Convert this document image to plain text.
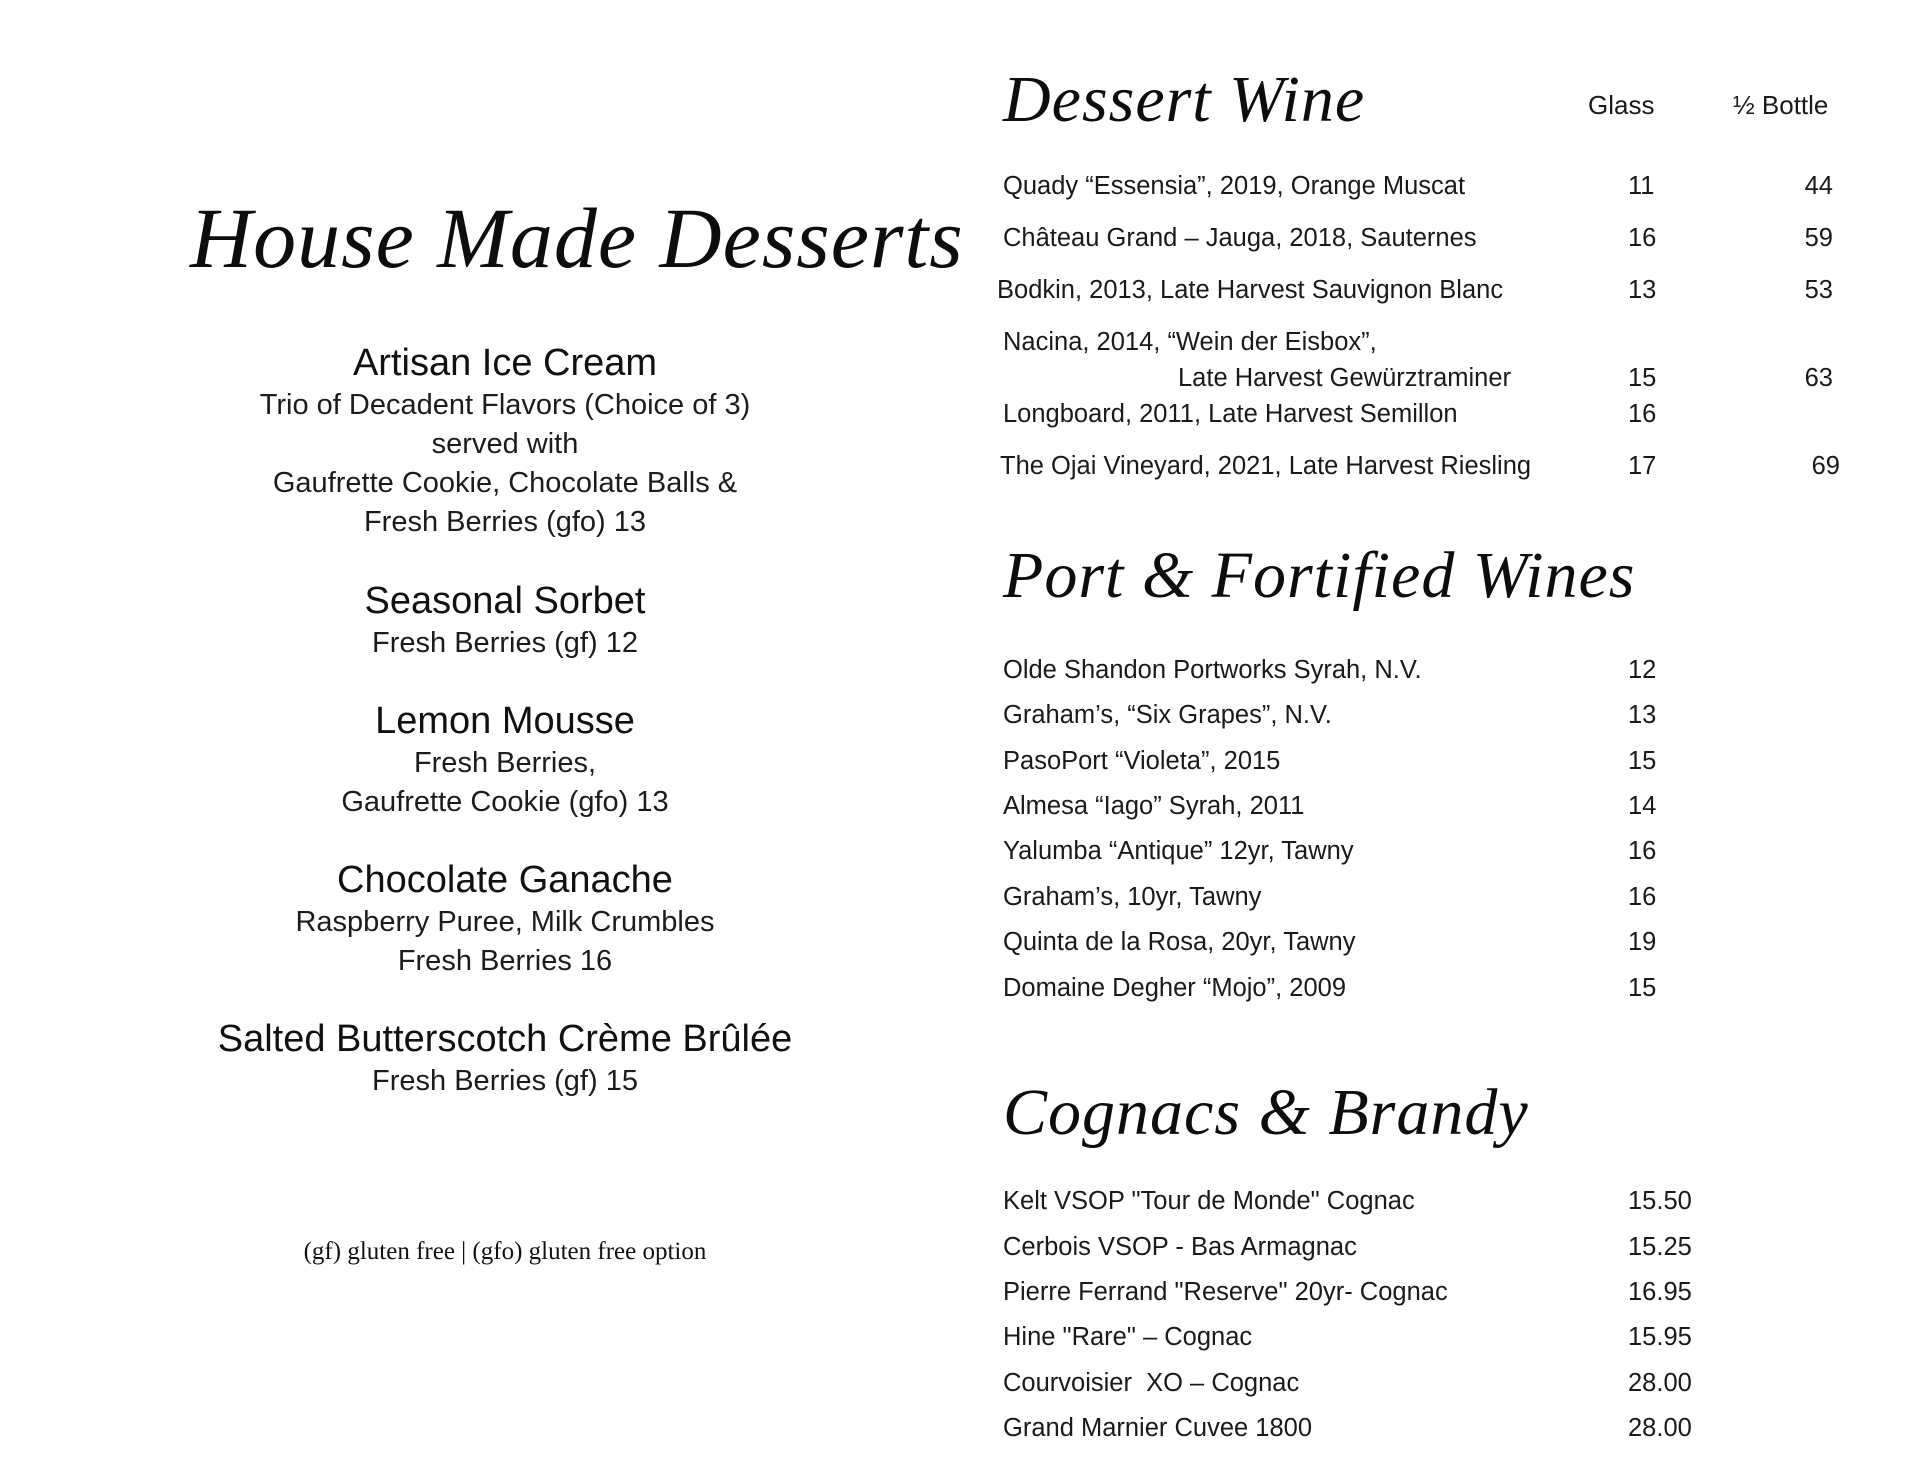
House Made Desserts
Artisan Ice Cream
Trio of Decadent Flavors (Choice of 3)
served with
Gaufrette Cookie, Chocolate Balls &
Fresh Berries (gfo) 13
Seasonal Sorbet
Fresh Berries (gf) 12
Lemon Mousse
Fresh Berries,
Gaufrette Cookie (gfo) 13
Chocolate Ganache
Raspberry Puree, Milk Crumbles
Fresh Berries 16
Salted Butterscotch Crème Brûlée
Fresh Berries (gf) 15
(gf) gluten free | (gfo) gluten free option
Dessert Wine	Glass	½ Bottle
Quady “Essensia”, 2019, Orange Muscat	11	44
Château Grand – Jauga, 2018, Sauternes	16	59
Bodkin, 2013, Late Harvest Sauvignon Blanc	13	53
Nacina, 2014, “Wein der Eisbox”,
Late Harvest Gewürztraminer	15	63
Longboard, 2011, Late Harvest Semillon	16
The Ojai Vineyard, 2021, Late Harvest Riesling	17	69
Port & Fortified Wines
Olde Shandon Portworks Syrah, N.V.	12
Graham’s, “Six Grapes”, N.V.	13
PasoPort “Violeta”, 2015	15
Almesa “Iago” Syrah, 2011	14
Yalumba “Antique” 12yr, Tawny	16
Graham’s, 10yr, Tawny	16
Quinta de la Rosa, 20yr, Tawny	19
Domaine Degher “Mojo”, 2009	15
Cognacs & Brandy
Kelt VSOP "Tour de Monde" Cognac	15.50
Cerbois VSOP - Bas Armagnac	15.25
Pierre Ferrand "Reserve" 20yr- Cognac	16.95
Hine "Rare" – Cognac	15.95
Courvoisier  XO – Cognac	28.00
Grand Marnier Cuvee 1800	28.00
